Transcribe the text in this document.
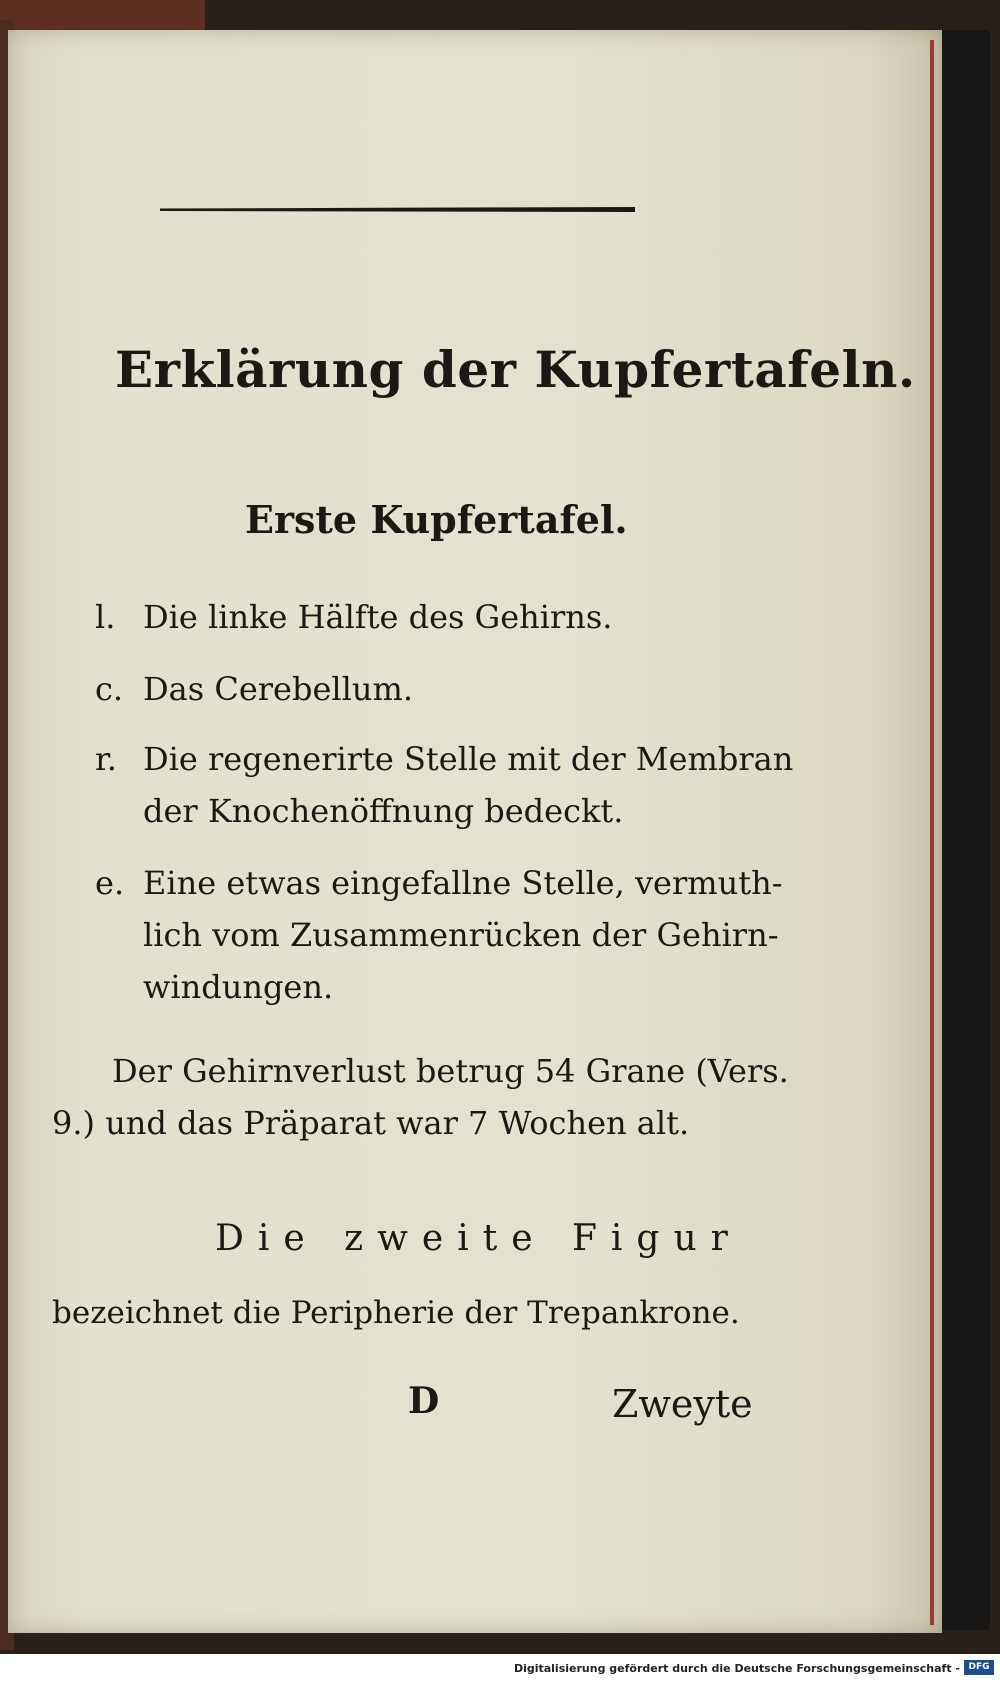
Erklärung der Kupfertafeln.
Erste Kupfertafel.
l. Die linke Hälfte des Gehirns.
c. Das Cerebellum.
r. Die regenerirte Stelle mit der Membran
der Knochenöffnung bedeckt.
e. Eine etwas eingefallne Stelle, vermuth-
lich vom Zusammenrücken der Gehirn-
windungen.
Der Gehirnverlust betrug 54 Grane (Vers.
9.) und das Präparat war 7 Wochen alt.
Die zweite Figur
bezeichnet die Peripherie der Trepankrone.
D	Zweyte
Digitalisierung gefördert durch die Deutsche Forschungsgemeinschaft - DFG
